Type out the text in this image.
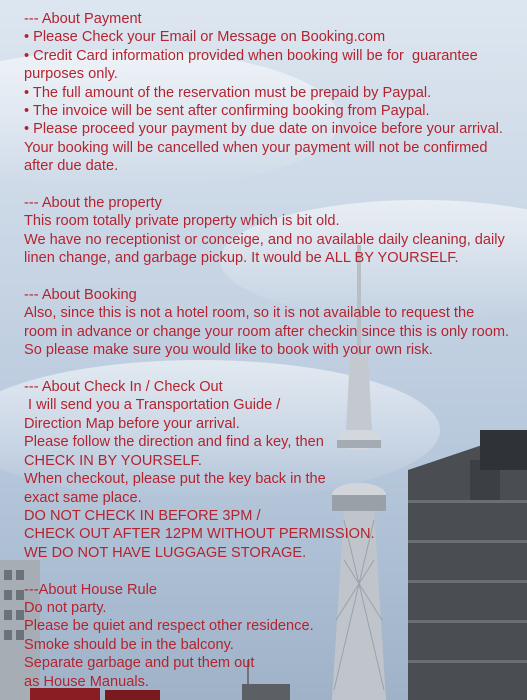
--- About Payment
• Please Check your Email or Message on Booking.com
• Credit Card information provided when booking will be for  guarantee
purposes only.
• The full amount of the reservation must be prepaid by Paypal.
• The invoice will be sent after confirming booking from Paypal.
• Please proceed your payment by due date on invoice before your arrival.
Your booking will be cancelled when your payment will not be confirmed
after due date.
--- About the property
This room totally private property which is bit old.
We have no receptionist or conceige, and no available daily cleaning, daily
linen change, and garbage pickup. It would be ALL BY YOURSELF.
--- About Booking
Also, since this is not a hotel room, so it is not available to request the
room in advance or change your room after checkin since this is only room.
So please make sure you would like to book with your own risk.
--- About Check In / Check Out
I will send you a Transportation Guide /
Direction Map before your arrival.
Please follow the direction and find a key, then
CHECK IN BY YOURSELF.
When checkout, please put the key back in the
exact same place.
DO NOT CHECK IN BEFORE 3PM /
CHECK OUT AFTER 12PM WITHOUT PERMISSION.
WE DO NOT HAVE LUGGAGE STORAGE.
---About House Rule
Do not party.
Please be quiet and respect other residence.
Smoke should be in the balcony.
Separate garbage and put them out
as House Manuals.
